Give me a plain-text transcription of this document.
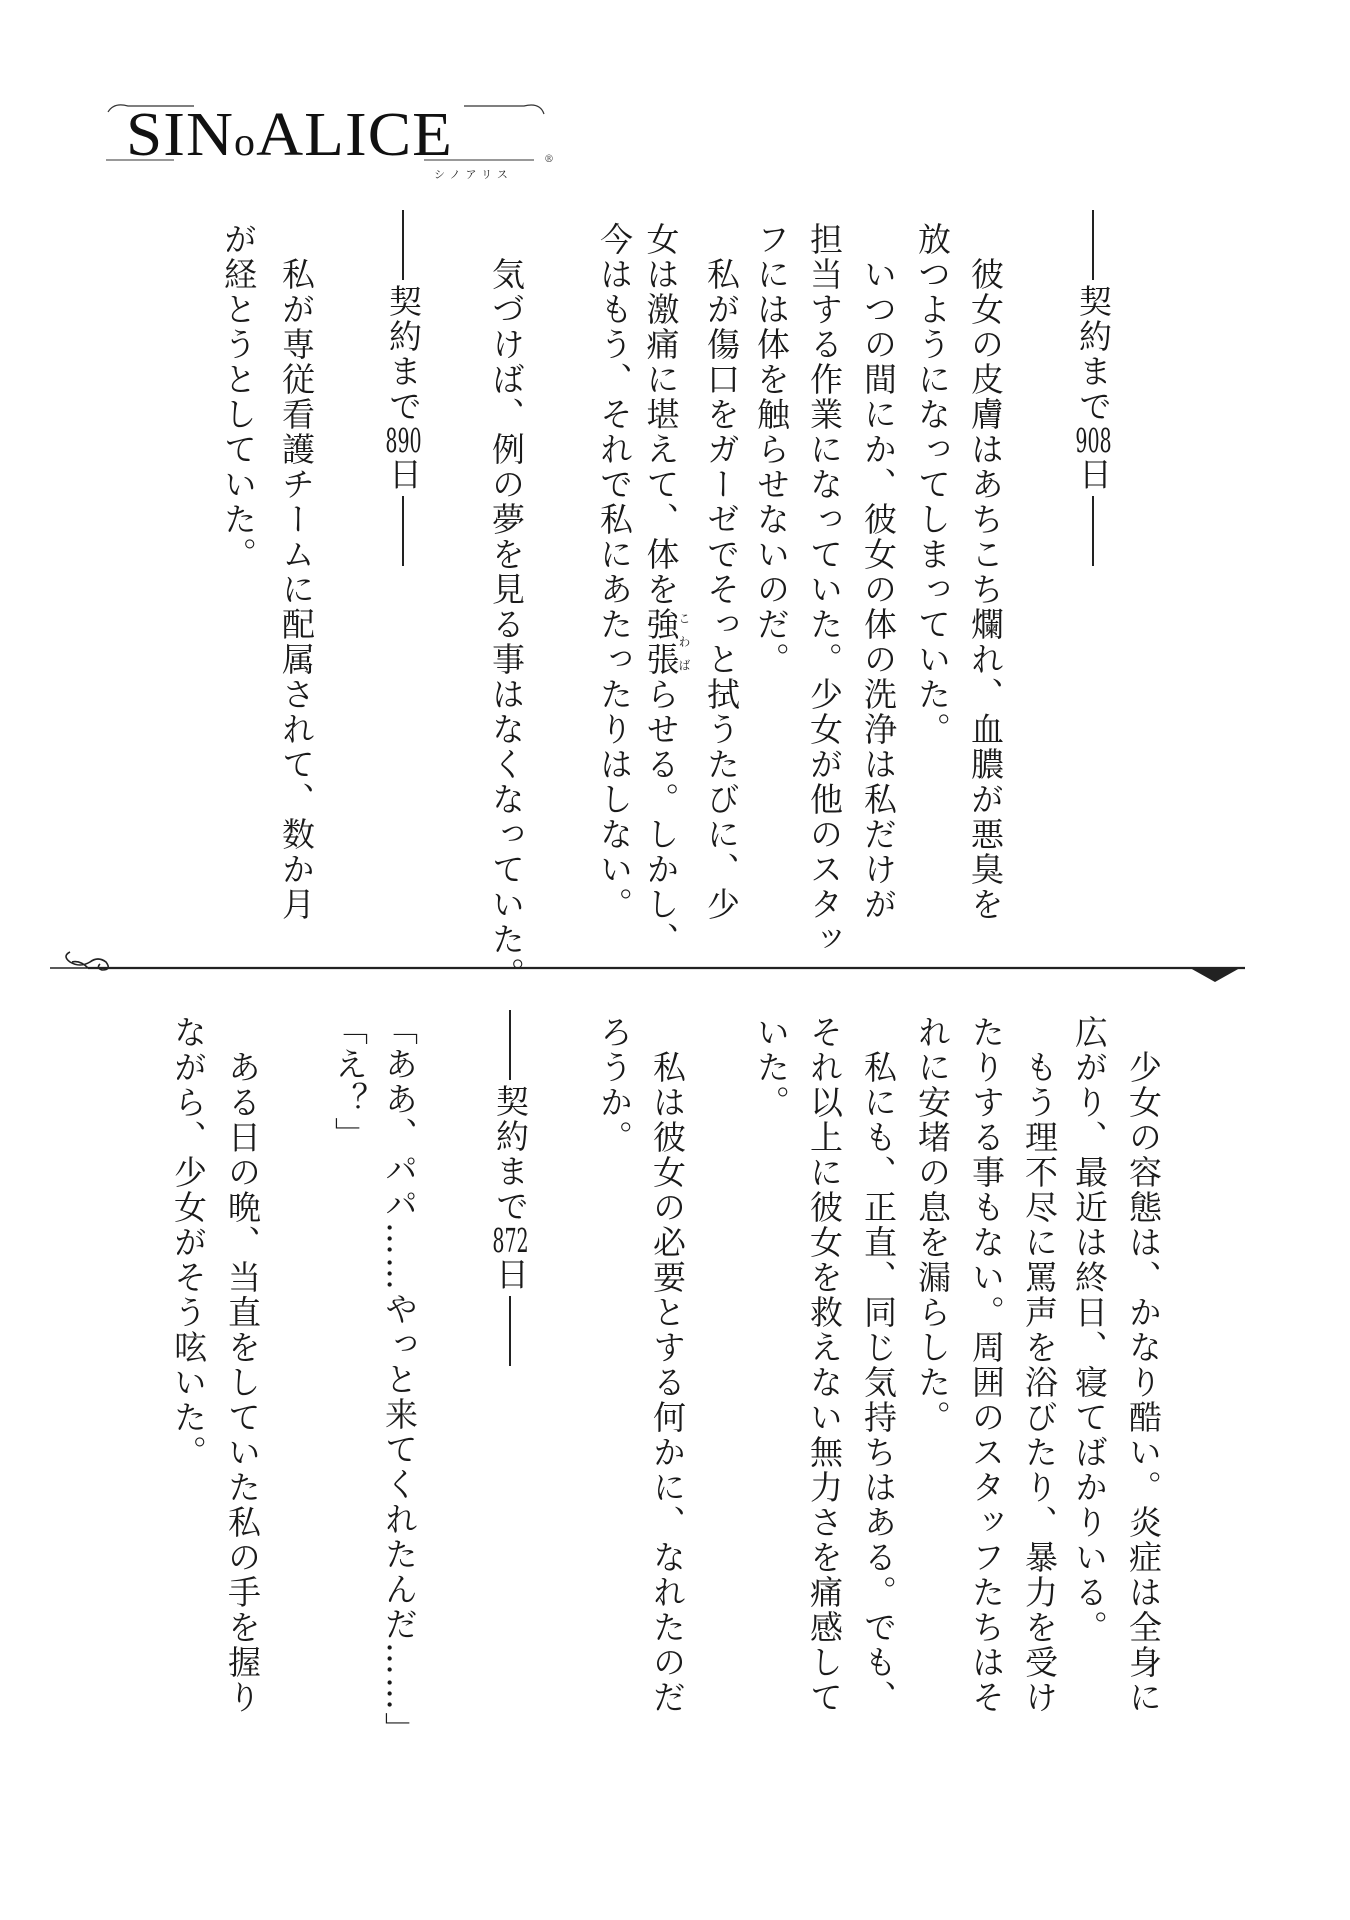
SINoALICE
シノアリス
®
契約まで908日
彼女の皮膚はあちこち爛れ、血膿が悪臭を
放つようになってしまっていた。
いつの間にか、彼女の体の洗浄は私だけが
担当する作業になっていた。少女が他のスタッ
フには体を触らせないのだ。
私が傷口をガーゼでそっと拭うたびに、少
女は激痛に堪えて、体を強張こわばらせる。しかし、
今はもう、それで私にあたったりはしない。
気づけば、例の夢を見る事はなくなっていた。
契約まで890日
私が専従看護チームに配属されて、数か月
が経とうとしていた。
少女の容態は、かなり酷い。炎症は全身に
広がり、最近は終日、寝てばかりいる。
もう理不尽に罵声を浴びたり、暴力を受け
たりする事もない。周囲のスタッフたちはそ
れに安堵の息を漏らした。
私にも、正直、同じ気持ちはある。でも、
それ以上に彼女を救えない無力さを痛感して
いた。
私は彼女の必要とする何かに、なれたのだ
ろうか。
契約まで872日
「ああ、パパ……やっと来てくれたんだ……」
「え？」
ある日の晩、当直をしていた私の手を握り
ながら、少女がそう呟いた。
